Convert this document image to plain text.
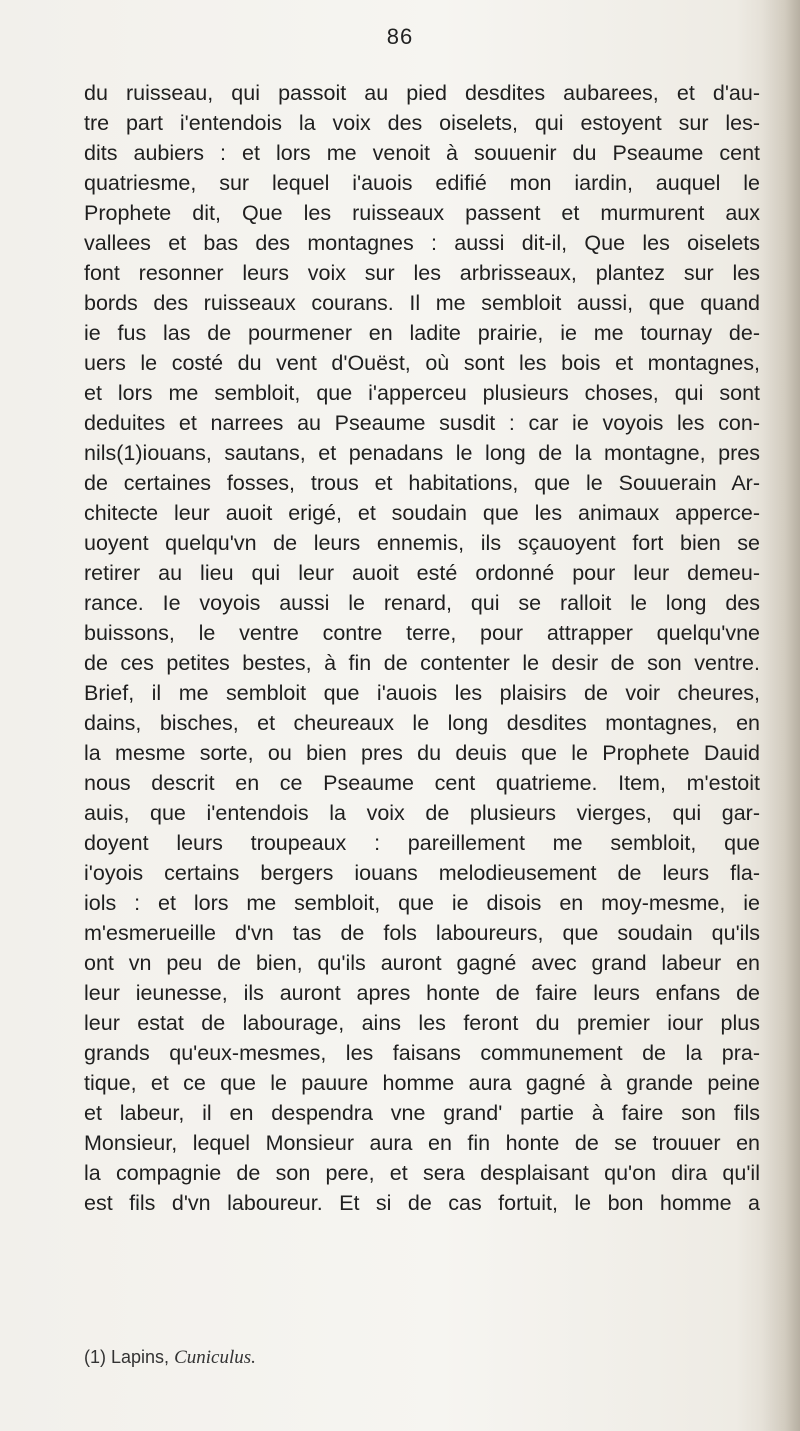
86
du ruisseau, qui passoit au pied desdites aubarees, et d'au-
tre part i'entendois la voix des oiselets, qui estoyent sur les-
dits aubiers : et lors me venoit à souuenir du Pseaume cent
quatriesme, sur lequel i'auois edifié mon iardin, auquel le
Prophete dit, Que les ruisseaux passent et murmurent aux
vallees et bas des montagnes : aussi dit-il, Que les oiselets
font resonner leurs voix sur les arbrisseaux, plantez sur les
bords des ruisseaux courans. Il me sembloit aussi, que quand
ie fus las de pourmener en ladite prairie, ie me tournay de-
uers le costé du vent d'Ouëst, où sont les bois et montagnes,
et lors me sembloit, que i'apperceu plusieurs choses, qui sont
deduites et narrees au Pseaume susdit : car ie voyois les con-
nils(1)iouans, sautans, et penadans le long de la montagne, pres
de certaines fosses, trous et habitations, que le Souuerain Ar-
chitecte leur auoit erigé, et soudain que les animaux apperce-
uoyent quelqu'vn de leurs ennemis, ils sçauoyent fort bien se
retirer au lieu qui leur auoit esté ordonné pour leur demeu-
rance. Ie voyois aussi le renard, qui se ralloit le long des
buissons, le ventre contre terre, pour attrapper quelqu'vne
de ces petites bestes, à fin de contenter le desir de son ventre.
Brief, il me sembloit que i'auois les plaisirs de voir cheures,
dains, bisches, et cheureaux le long desdites montagnes, en
la mesme sorte, ou bien pres du deuis que le Prophete Dauid
nous descrit en ce Pseaume cent quatrieme. Item, m'estoit
auis, que i'entendois la voix de plusieurs vierges, qui gar-
doyent leurs troupeaux : pareillement me sembloit, que
i'oyois certains bergers iouans melodieusement de leurs fla-
iols : et lors me sembloit, que ie disois en moy-mesme, ie
m'esmerueille d'vn tas de fols laboureurs, que soudain qu'ils
ont vn peu de bien, qu'ils auront gagné avec grand labeur en
leur ieunesse, ils auront apres honte de faire leurs enfans de
leur estat de labourage, ains les feront du premier iour plus
grands qu'eux-mesmes, les faisans communement de la pra-
tique, et ce que le pauure homme aura gagné à grande peine
et labeur, il en despendra vne grand' partie à faire son fils
Monsieur, lequel Monsieur aura en fin honte de se trouuer en
la compagnie de son pere, et sera desplaisant qu'on dira qu'il
est fils d'vn laboureur. Et si de cas fortuit, le bon homme a
(1) Lapins, Cuniculus.
